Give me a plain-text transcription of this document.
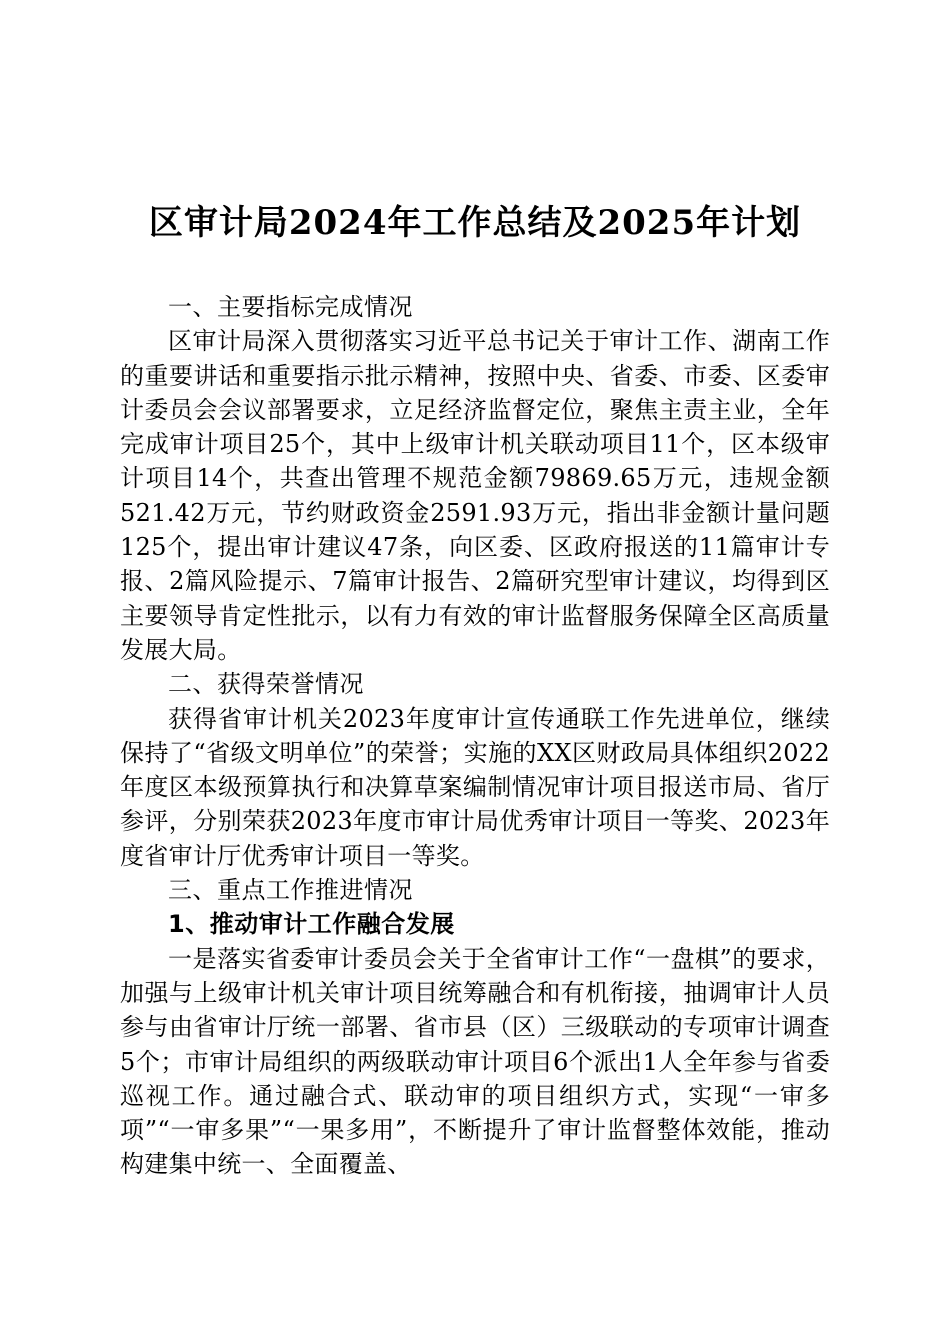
区审计局2024年工作总结及2025年计划

一、主要指标完成情况

区审计局深入贯彻落实习近平总书记关于审计工作、湖南工作的重要讲话和重要指示批示精神，按照中央、省委、市委、区委审计委员会会议部署要求，立足经济监督定位，聚焦主责主业，全年完成审计项目25个，其中上级审计机关联动项目11个，区本级审计项目14个，共查出管理不规范金额79869.65万元，违规金额521.42万元，节约财政资金2591.93万元，指出非金额计量问题125个，提出审计建议47条，向区委、区政府报送的11篇审计专报、2篇风险提示、7篇审计报告、2篇研究型审计建议，均得到区主要领导肯定性批示，以有力有效的审计监督服务保障全区高质量发展大局。

二、获得荣誉情况

获得省审计机关2023年度审计宣传通联工作先进单位，继续保持了“省级文明单位”的荣誉；实施的XX区财政局具体组织2022年度区本级预算执行和决算草案编制情况审计项目报送市局、省厅参评，分别荣获2023年度市审计局优秀审计项目一等奖、2023年度省审计厅优秀审计项目一等奖。

三、重点工作推进情况

1、推动审计工作融合发展

一是落实省委审计委员会关于全省审计工作“一盘棋”的要求，加强与上级审计机关审计项目统筹融合和有机衔接，抽调审计人员参与由省审计厅统一部署、省市县（区）三级联动的专项审计调查5个；市审计局组织的两级联动审计项目6个派出1人全年参与省委巡视工作。通过融合式、联动审的项目组织方式，实现“一审多项”“一审多果”“一果多用”，不断提升了审计监督整体效能，推动构建集中统一、全面覆盖、
